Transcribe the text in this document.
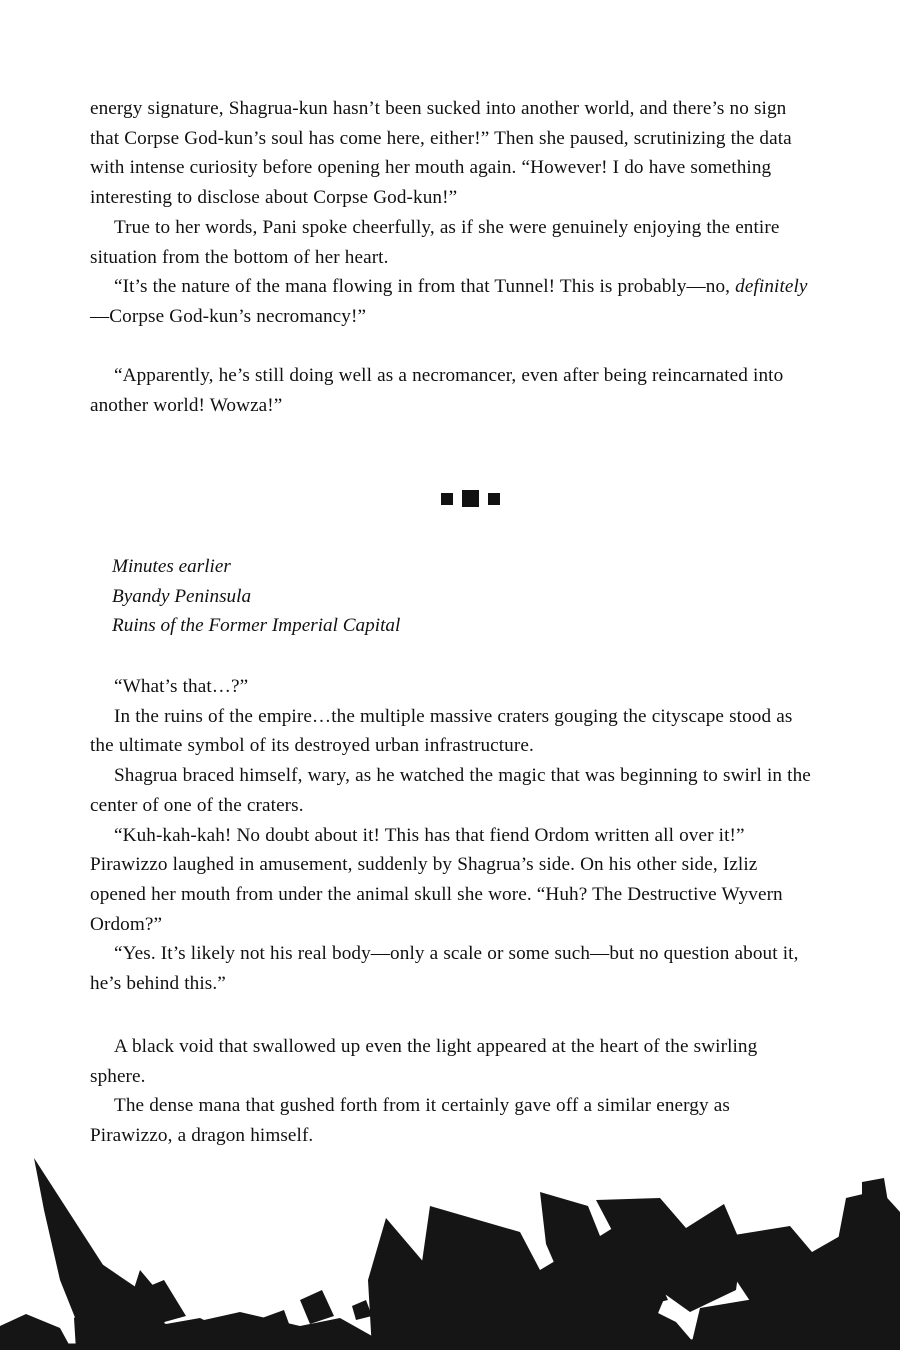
energy signature, Shagrua-kun hasn’t been sucked into another world, and there’s no sign that Corpse God-kun’s soul has come here, either!” Then she paused, scrutinizing the data with intense curiosity before opening her mouth again. “However! I do have something interesting to disclose about Corpse God-kun!”

True to her words, Pani spoke cheerfully, as if she were genuinely enjoying the entire situation from the bottom of her heart.

“It’s the nature of the mana flowing in from that Tunnel! This is probably—no, definitely—Corpse God-kun’s necromancy!”

“Apparently, he’s still doing well as a necromancer, even after being reincarnated into another world! Wowza!”

Minutes earlier
Byandy Peninsula
Ruins of the Former Imperial Capital

“What’s that…?”

In the ruins of the empire…the multiple massive craters gouging the cityscape stood as the ultimate symbol of its destroyed urban infrastructure.

Shagrua braced himself, wary, as he watched the magic that was beginning to swirl in the center of one of the craters.

“Kuh-kah-kah! No doubt about it! This has that fiend Ordom written all over it!” Pirawizzo laughed in amusement, suddenly by Shagrua’s side. On his other side, Izliz opened her mouth from under the animal skull she wore. “Huh? The Destructive Wyvern Ordom?”

“Yes. It’s likely not his real body—only a scale or some such—but no question about it, he’s behind this.”

A black void that swallowed up even the light appeared at the heart of the swirling sphere.

The dense mana that gushed forth from it certainly gave off a similar energy as Pirawizzo, a dragon himself.
